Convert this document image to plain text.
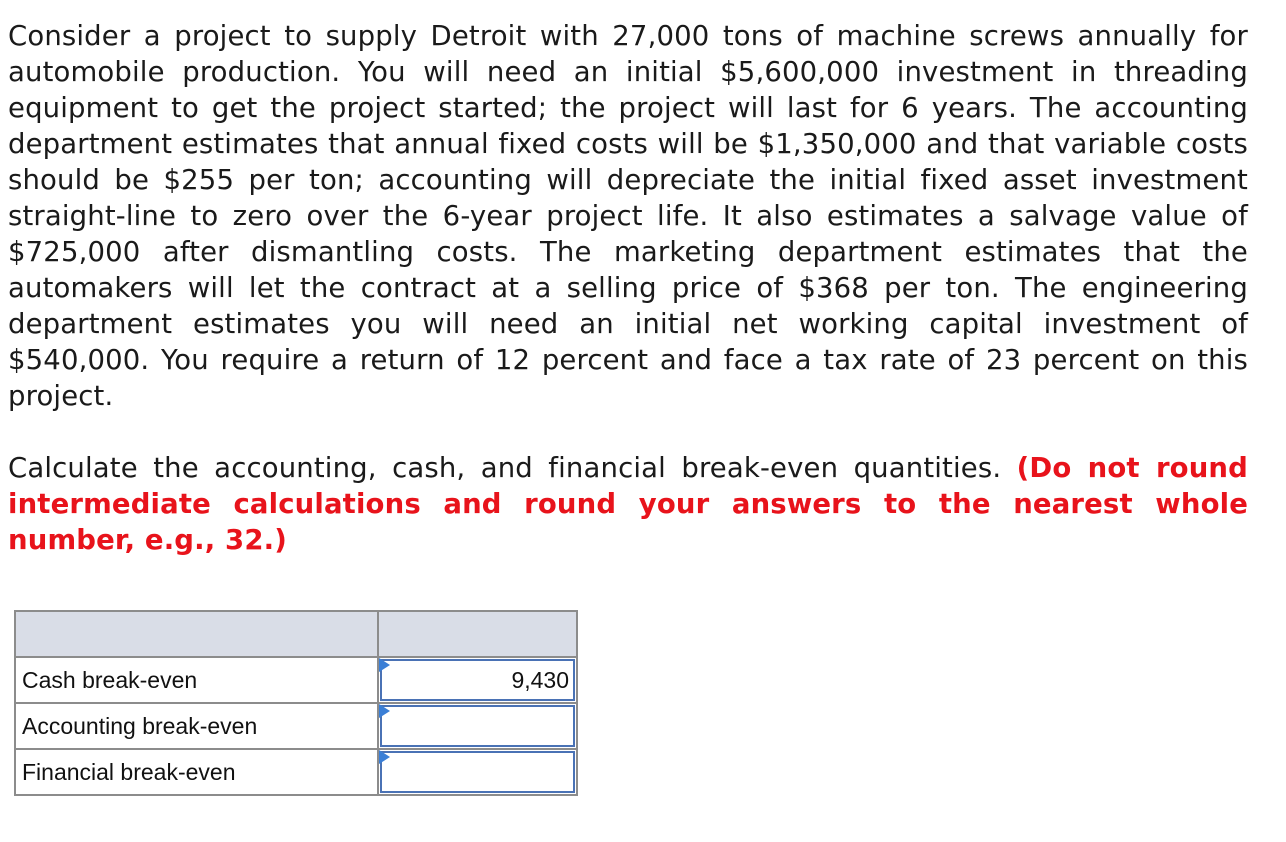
Consider a project to supply Detroit with 27,000 tons of machine screws annually for automobile production. You will need an initial $5,600,000 investment in threading equipment to get the project started; the project will last for 6 years. The accounting department estimates that annual fixed costs will be $1,350,000 and that variable costs should be $255 per ton; accounting will depreciate the initial fixed asset investment straight-line to zero over the 6-year project life. It also estimates a salvage value of $725,000 after dismantling costs. The marketing department estimates that the automakers will let the contract at a selling price of $368 per ton. The engineering department estimates you will need an initial net working capital investment of $540,000. You require a return of 12 percent and face a tax rate of 23 percent on this project.
Calculate the accounting, cash, and financial break-even quantities. (Do not round intermediate calculations and round your answers to the nearest whole number, e.g., 32.)

Cash break-even	9,430

Accounting break-even	

Financial break-even	
